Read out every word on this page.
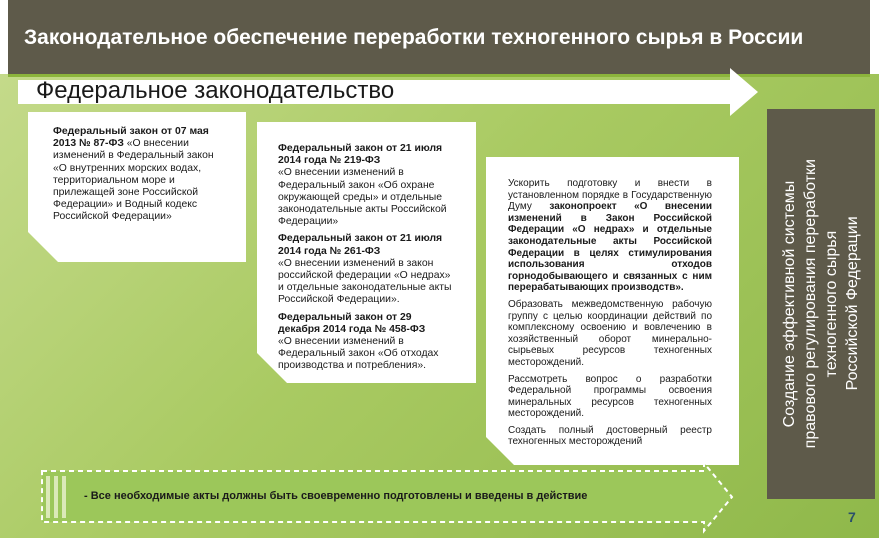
Законодательное обеспечение переработки техногенного сырья в России
Федеральное законодательство
Создание эффективной системы
правового регулирования переработки
техногенного сырья
Российской Федерации

Федеральный закон от 07 мая 2013 № 87-ФЗ «О внесении изменений в Федеральный закон «О внутренних морских водах, территориальном море и прилежащей зоне Российской Федерации» и Водный кодекс Российской Федерации»

Федеральный закон от 21 июля 2014 года № 219-ФЗ

«О внесении изменений в Федеральный закон «Об охране окружающей среды» и отдельные законодательные акты Российской Федерации»

Федеральный закон от 21 июля 2014 года № 261-ФЗ

«О внесении изменений в закон российской федерации «О недрах» и отдельные законодательные акты Российской Федерации».

Федеральный закон от 29 декабря 2014 года № 458-ФЗ

«О внесении изменений в Федеральный закон «Об отходах производства и потребления».

Ускорить подготовку и внести в установленном порядке в Государственную Думу законопроект «О внесении изменений в Закон Российской Федерации «О недрах» и отдельные законодательные акты Российской Федерации в целях стимулирования использования отходов горнодобывающего и связанных с ним перерабатывающих производств».

Образовать межведомственную рабочую группу с целью координации действий по комплексному освоению и вовлечению в хозяйственный оборот минерально-сырьевых ресурсов техногенных месторождений.

Рассмотреть вопрос о разработки Федеральной программы освоения минеральных ресурсов техногенных месторождений.

Создать полный достоверный реестр техногенных месторождений

- Все необходимые акты должны быть своевременно подготовлены и введены в действие
7
